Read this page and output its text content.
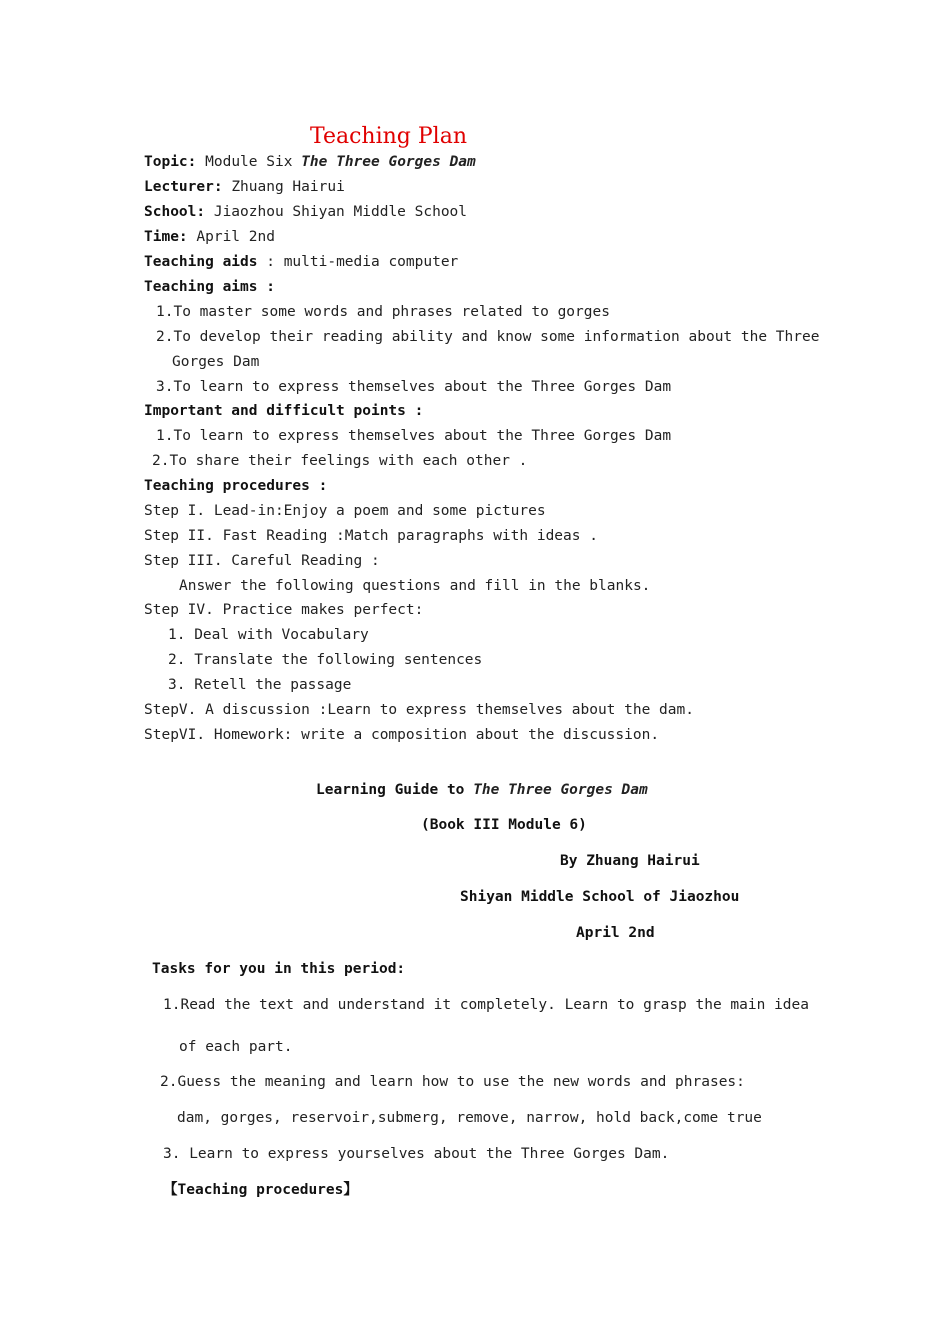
Teaching Plan
Topic: Module Six The Three Gorges Dam
Lecturer: Zhuang Hairui
School: Jiaozhou Shiyan Middle School
Time: April 2nd
Teaching aids : multi-media computer
Teaching aims :
1.To master some words and phrases related to gorges
2.To develop their reading ability and know some information about the Three
Gorges Dam
3.To learn to express themselves about the Three Gorges Dam
Important and difficult points :
1.To learn to express themselves about the Three Gorges Dam
2.To share their feelings with each other .
Teaching procedures :
Step I. Lead-in:Enjoy a poem and some pictures
Step II. Fast Reading :Match paragraphs with ideas .
Step III. Careful Reading :
Answer the following questions and fill in the blanks.
Step IV. Practice makes perfect:
1. Deal with Vocabulary
2. Translate the following sentences
3. Retell the passage
StepV. A discussion :Learn to express themselves about the dam.
StepVI. Homework: write a composition about the discussion.
Learning Guide to The Three Gorges Dam
(Book III Module 6)
By Zhuang Hairui
Shiyan Middle School of Jiaozhou
April 2nd
Tasks for you in this period:
1.Read the text and understand it completely. Learn to grasp the main idea
of each part.
2.Guess the meaning and learn how to use the new words and phrases:
dam, gorges, reservoir,submerg, remove, narrow, hold back,come true
3. Learn to express yourselves about the Three Gorges Dam.
【Teaching procedures】
